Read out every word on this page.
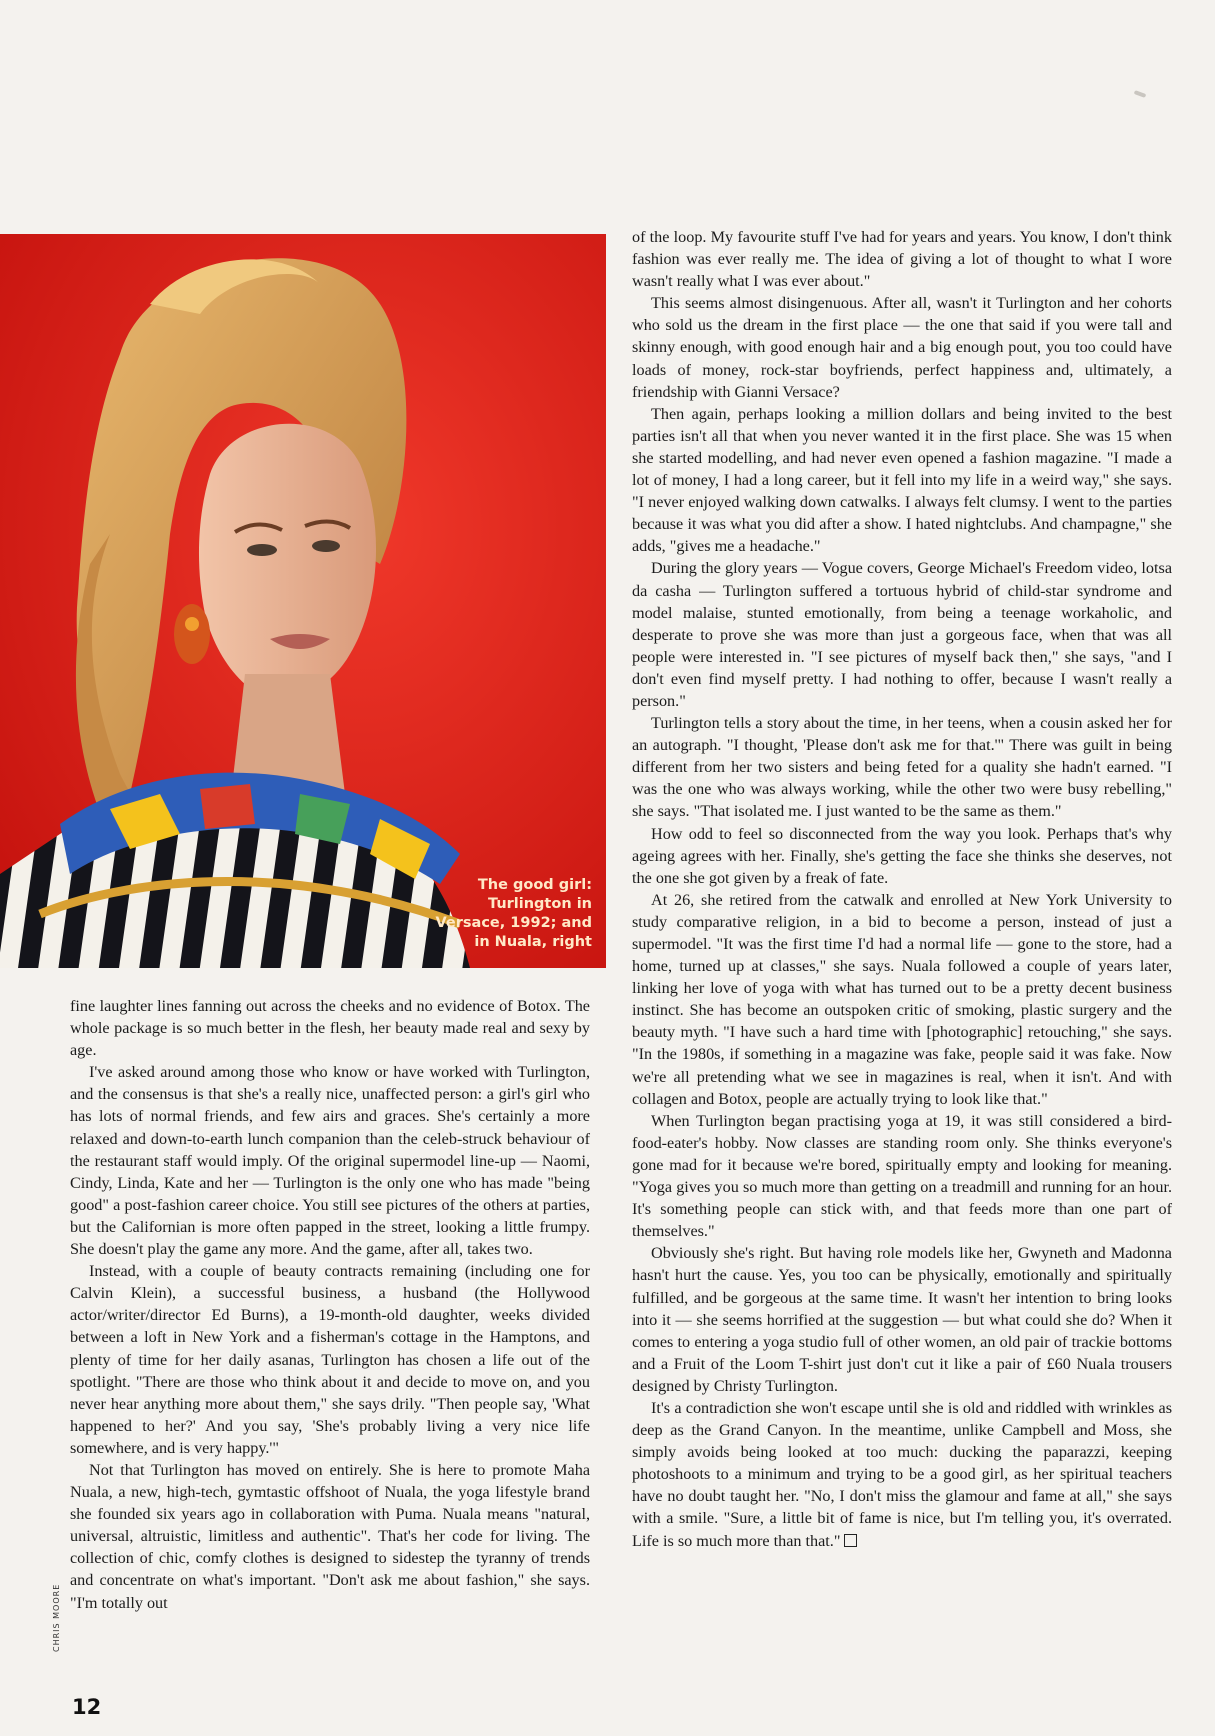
The good girl: Turlington in Versace, 1992; and in Nuala, right

fine laughter lines fanning out across the cheeks and no evidence of Botox. The whole package is so much better in the flesh, her beauty made real and sexy by age.

I've asked around among those who know or have worked with Turlington, and the consensus is that she's a really nice, unaffected person: a girl's girl who has lots of normal friends, and few airs and graces. She's certainly a more relaxed and down-to-earth lunch companion than the celeb-struck behaviour of the restaurant staff would imply. Of the original supermodel line-up — Naomi, Cindy, Linda, Kate and her — Turlington is the only one who has made "being good" a post-fashion career choice. You still see pictures of the others at parties, but the Californian is more often papped in the street, looking a little frumpy. She doesn't play the game any more. And the game, after all, takes two.

Instead, with a couple of beauty contracts remaining (including one for Calvin Klein), a successful business, a husband (the Hollywood actor/writer/director Ed Burns), a 19-month-old daughter, weeks divided between a loft in New York and a fisherman's cottage in the Hamptons, and plenty of time for her daily asanas, Turlington has chosen a life out of the spotlight. "There are those who think about it and decide to move on, and you never hear anything more about them," she says drily. "Then people say, 'What happened to her?' And you say, 'She's probably living a very nice life somewhere, and is very happy.'"

Not that Turlington has moved on entirely. She is here to promote Maha Nuala, a new, high-tech, gymtastic offshoot of Nuala, the yoga lifestyle brand she founded six years ago in collaboration with Puma. Nuala means "natural, universal, altruistic, limitless and authentic". That's her code for living. The collection of chic, comfy clothes is designed to sidestep the tyranny of trends and concentrate on what's important. "Don't ask me about fashion," she says. "I'm totally out

of the loop. My favourite stuff I've had for years and years. You know, I don't think fashion was ever really me. The idea of giving a lot of thought to what I wore wasn't really what I was ever about."

This seems almost disingenuous. After all, wasn't it Turlington and her cohorts who sold us the dream in the first place — the one that said if you were tall and skinny enough, with good enough hair and a big enough pout, you too could have loads of money, rock-star boyfriends, perfect happiness and, ultimately, a friendship with Gianni Versace?

Then again, perhaps looking a million dollars and being invited to the best parties isn't all that when you never wanted it in the first place. She was 15 when she started modelling, and had never even opened a fashion magazine. "I made a lot of money, I had a long career, but it fell into my life in a weird way," she says. "I never enjoyed walking down catwalks. I always felt clumsy. I went to the parties because it was what you did after a show. I hated nightclubs. And champagne," she adds, "gives me a headache."

During the glory years — Vogue covers, George Michael's Freedom video, lotsa da casha — Turlington suffered a tortuous hybrid of child-star syndrome and model malaise, stunted emotionally, from being a teenage workaholic, and desperate to prove she was more than just a gorgeous face, when that was all people were interested in. "I see pictures of myself back then," she says, "and I don't even find myself pretty. I had nothing to offer, because I wasn't really a person."

Turlington tells a story about the time, in her teens, when a cousin asked her for an autograph. "I thought, 'Please don't ask me for that.'" There was guilt in being different from her two sisters and being feted for a quality she hadn't earned. "I was the one who was always working, while the other two were busy rebelling," she says. "That isolated me. I just wanted to be the same as them."

How odd to feel so disconnected from the way you look. Perhaps that's why ageing agrees with her. Finally, she's getting the face she thinks she deserves, not the one she got given by a freak of fate.

At 26, she retired from the catwalk and enrolled at New York University to study comparative religion, in a bid to become a person, instead of just a supermodel. "It was the first time I'd had a normal life — gone to the store, had a home, turned up at classes," she says. Nuala followed a couple of years later, linking her love of yoga with what has turned out to be a pretty decent business instinct. She has become an outspoken critic of smoking, plastic surgery and the beauty myth. "I have such a hard time with [photographic] retouching," she says. "In the 1980s, if something in a magazine was fake, people said it was fake. Now we're all pretending what we see in magazines is real, when it isn't. And with collagen and Botox, people are actually trying to look like that."

When Turlington began practising yoga at 19, it was still considered a bird-food-eater's hobby. Now classes are standing room only. She thinks everyone's gone mad for it because we're bored, spiritually empty and looking for meaning. "Yoga gives you so much more than getting on a treadmill and running for an hour. It's something people can stick with, and that feeds more than one part of themselves."

Obviously she's right. But having role models like her, Gwyneth and Madonna hasn't hurt the cause. Yes, you too can be physically, emotionally and spiritually fulfilled, and be gorgeous at the same time. It wasn't her intention to bring looks into it — she seems horrified at the suggestion — but what could she do? When it comes to entering a yoga studio full of other women, an old pair of trackie bottoms and a Fruit of the Loom T-shirt just don't cut it like a pair of £60 Nuala trousers designed by Christy Turlington.

It's a contradiction she won't escape until she is old and riddled with wrinkles as deep as the Grand Canyon. In the meantime, unlike Campbell and Moss, she simply avoids being looked at too much: ducking the paparazzi, keeping photoshoots to a minimum and trying to be a good girl, as her spiritual teachers have no doubt taught her. "No, I don't miss the glamour and fame at all," she says with a smile. "Sure, a little bit of fame is nice, but I'm telling you, it's overrated. Life is so much more than that."

CHRIS MOORE
12
